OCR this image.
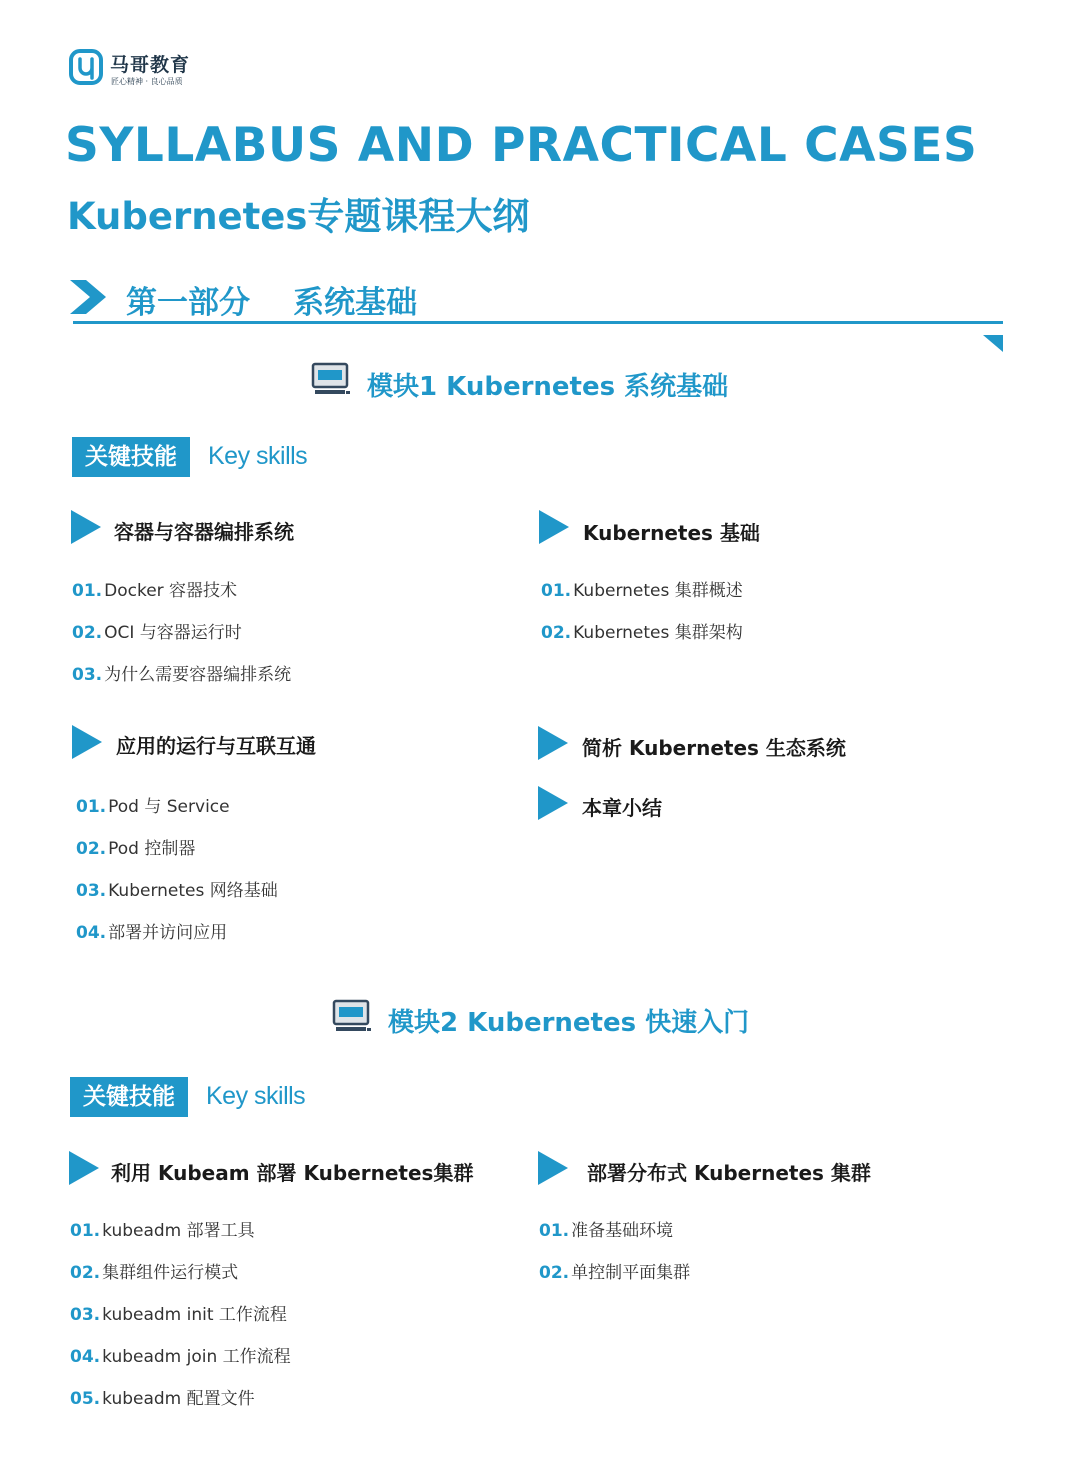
马哥教育
匠心精神 · 良心品质
SYLLABUS AND PRACTICAL CASES
Kubernetes专题课程大纲
第一部分    系统基础
模块1 Kubernetes 系统基础
关键技能	Key skills
容器与容器编排系统
01. Docker 容器技术
02. OCI 与容器运行时
03. 为什么需要容器编排系统
Kubernetes 基础
01. Kubernetes 集群概述
02. Kubernetes 集群架构
应用的运行与互联互通
01. Pod 与 Service
02. Pod 控制器
03. Kubernetes 网络基础
04. 部署并访问应用
简析 Kubernetes 生态系统
本章小结
模块2 Kubernetes 快速入门
关键技能	Key skills
利用 Kubeam 部署 Kubernetes集群
01. kubeadm 部署工具
02. 集群组件运行模式
03. kubeadm init 工作流程
04. kubeadm join 工作流程
05. kubeadm 配置文件
部署分布式 Kubernetes 集群
01. 准备基础环境
02. 单控制平面集群
